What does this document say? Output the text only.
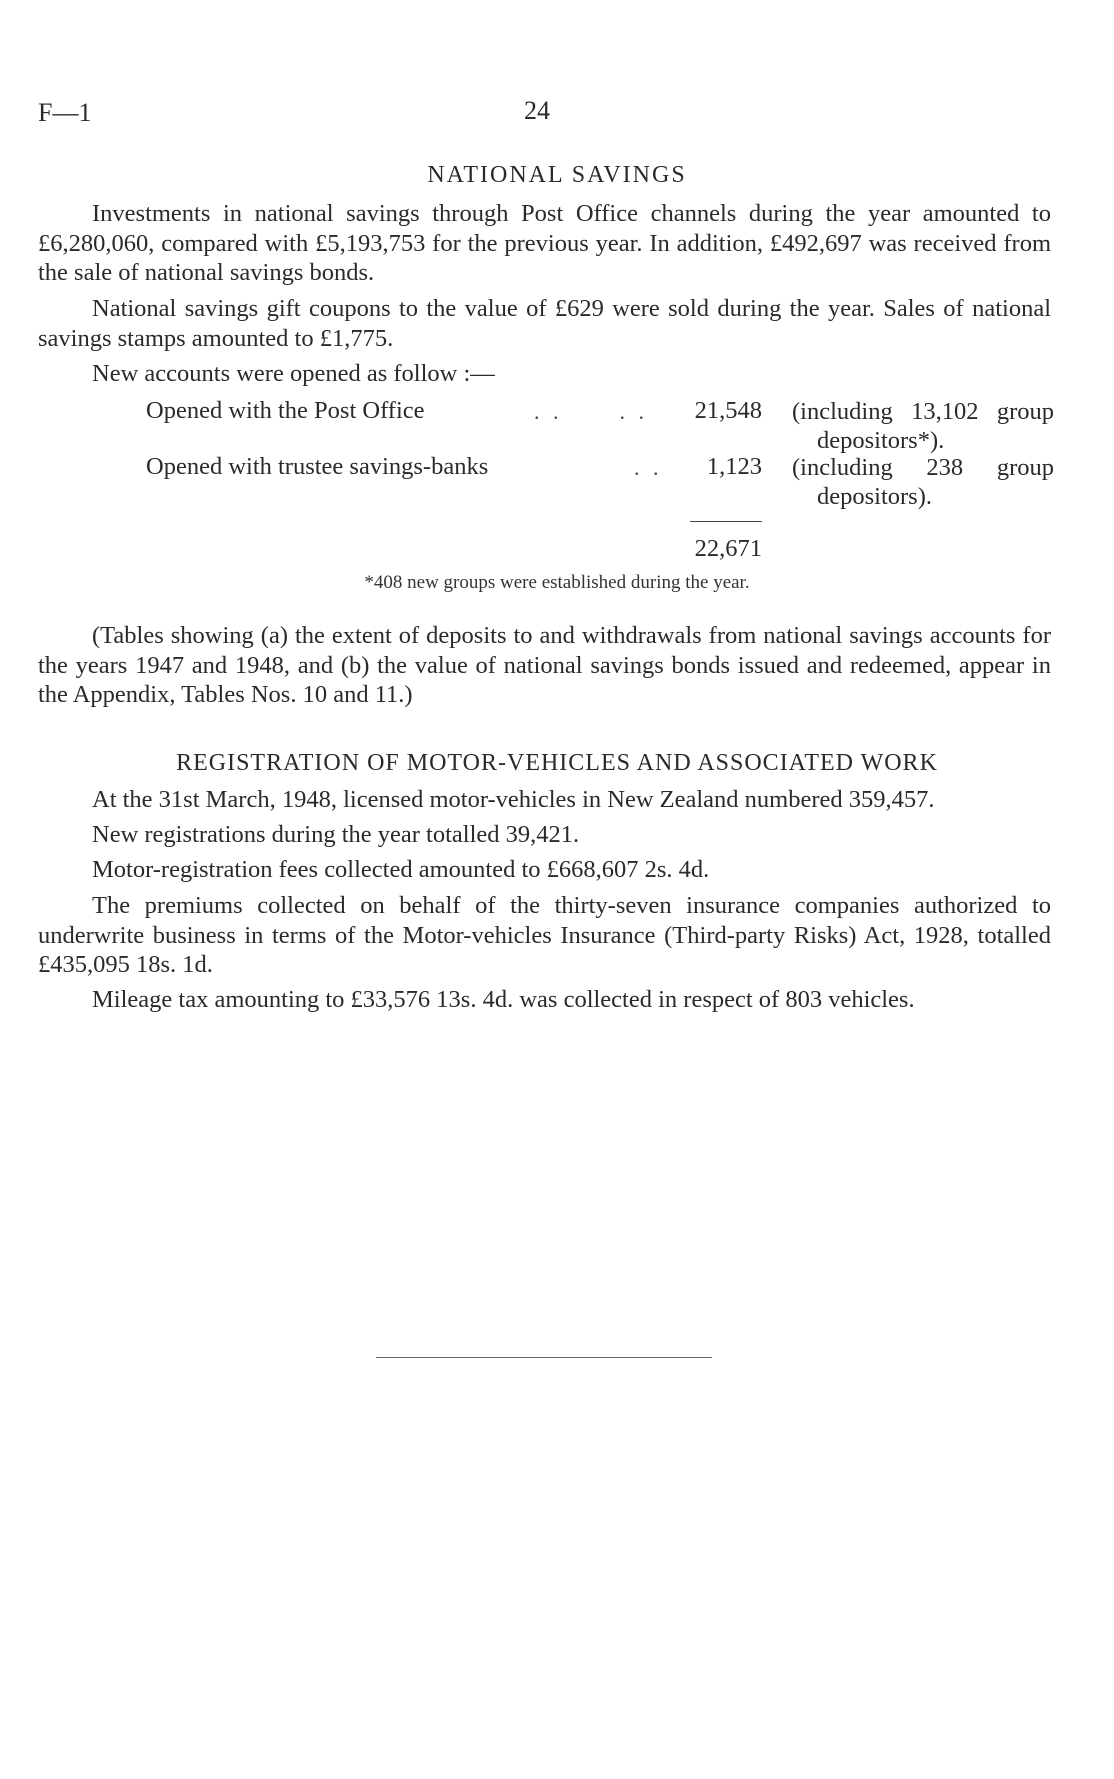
F—1	24
NATIONAL SAVINGS
Investments in national savings through Post Office channels during the year amounted to £6,280,060, compared with £5,193,753 for the previous year. In addition, £492,697 was received from the sale of national savings bonds.
National savings gift coupons to the value of £629 were sold during the year. Sales of national savings stamps amounted to £1,775.
New accounts were opened as follow :—
Opened with the Post Office	. .      . .	21,548 (including 13,102 group
depositors*).
Opened with trustee savings-banks	. .	1,123 (including 238 group
depositors).
22,671
*408 new groups were established during the year.
(Tables showing (a) the extent of deposits to and withdrawals from national savings accounts for the years 1947 and 1948, and (b) the value of national savings bonds issued and redeemed, appear in the Appendix, Tables Nos. 10 and 11.)
REGISTRATION OF MOTOR-VEHICLES AND ASSOCIATED WORK
At the 31st March, 1948, licensed motor-vehicles in New Zealand numbered 359,457.
New registrations during the year totalled 39,421.
Motor-registration fees collected amounted to £668,607 2s. 4d.
The premiums collected on behalf of the thirty-seven insurance companies authorized to underwrite business in terms of the Motor-vehicles Insurance (Third-party Risks) Act, 1928, totalled £435,095 18s. 1d.
Mileage tax amounting to £33,576 13s. 4d. was collected in respect of 803 vehicles.
